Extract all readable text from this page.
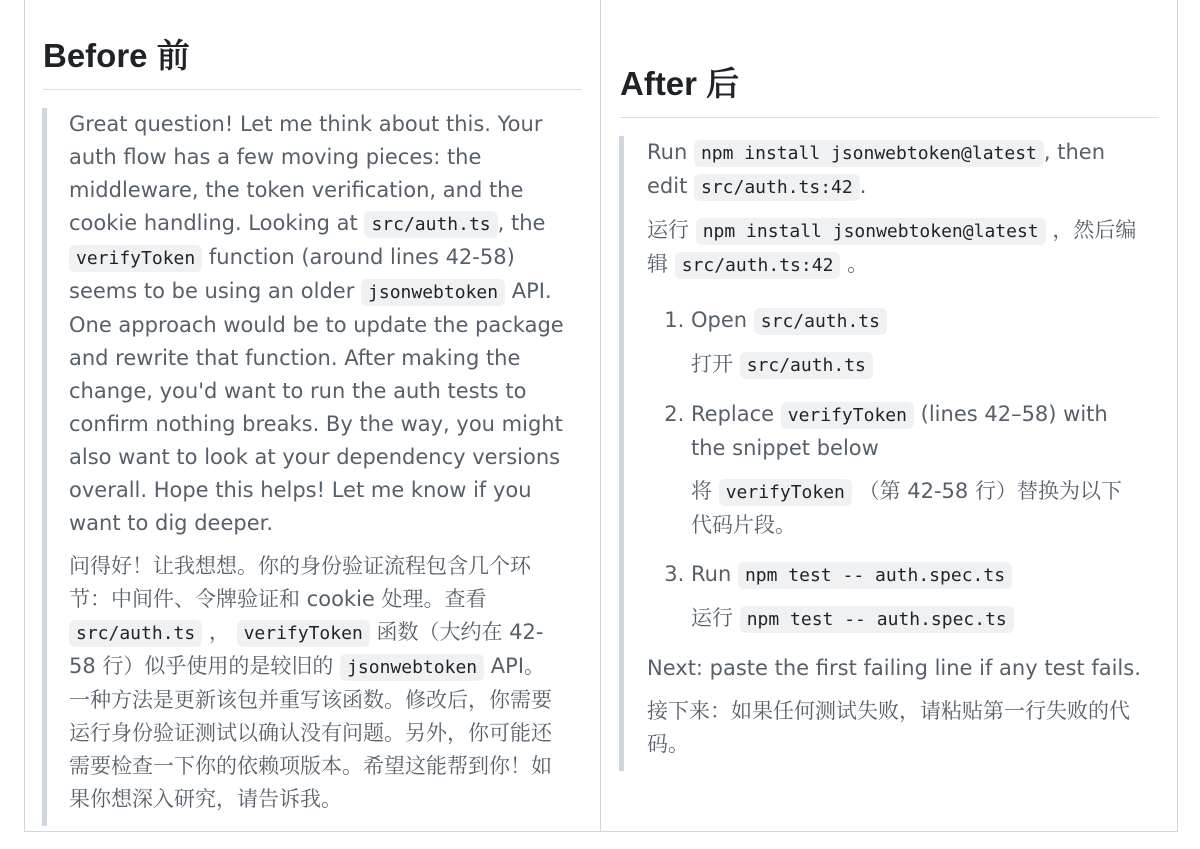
Before 前

Great question! Let me think about this. Your auth flow has a few moving pieces: the middleware, the token verification, and the cookie handling. Looking at src/auth.ts , the verifyToken function (around lines 42-58) seems to be using an older jsonwebtoken API. One approach would be to update the package and rewrite that function. After making the change, you'd want to run the auth tests to confirm nothing breaks. By the way, you might also want to look at your dependency versions overall. Hope this helps! Let me know if you want to dig deeper.

问得好！让我想想。你的身份验证流程包含几个环节：中间件、令牌验证和 cookie 处理。查看 src/auth.ts ， verifyToken 函数（大约在 42-58 行）似乎使用的是较旧的 jsonwebtoken API。一种方法是更新该包并重写该函数。修改后，你需要运行身份验证测试以确认没有问题。另外，你可能还需要检查一下你的依赖项版本。希望这能帮到你！如果你想深入研究，请告诉我。

After 后

Run npm install jsonwebtoken@latest , then edit src/auth.ts:42 .

运行 npm install jsonwebtoken@latest ，然后编辑 src/auth.ts:42 。

1. Open src/auth.ts

打开 src/auth.ts

2. Replace verifyToken (lines 42–58) with the snippet below

将 verifyToken （第 42-58 行）替换为以下代码片段。

3. Run npm test -- auth.spec.ts

运行 npm test -- auth.spec.ts

Next: paste the first failing line if any test fails.

接下来：如果任何测试失败，请粘贴第一行失败的代码。
